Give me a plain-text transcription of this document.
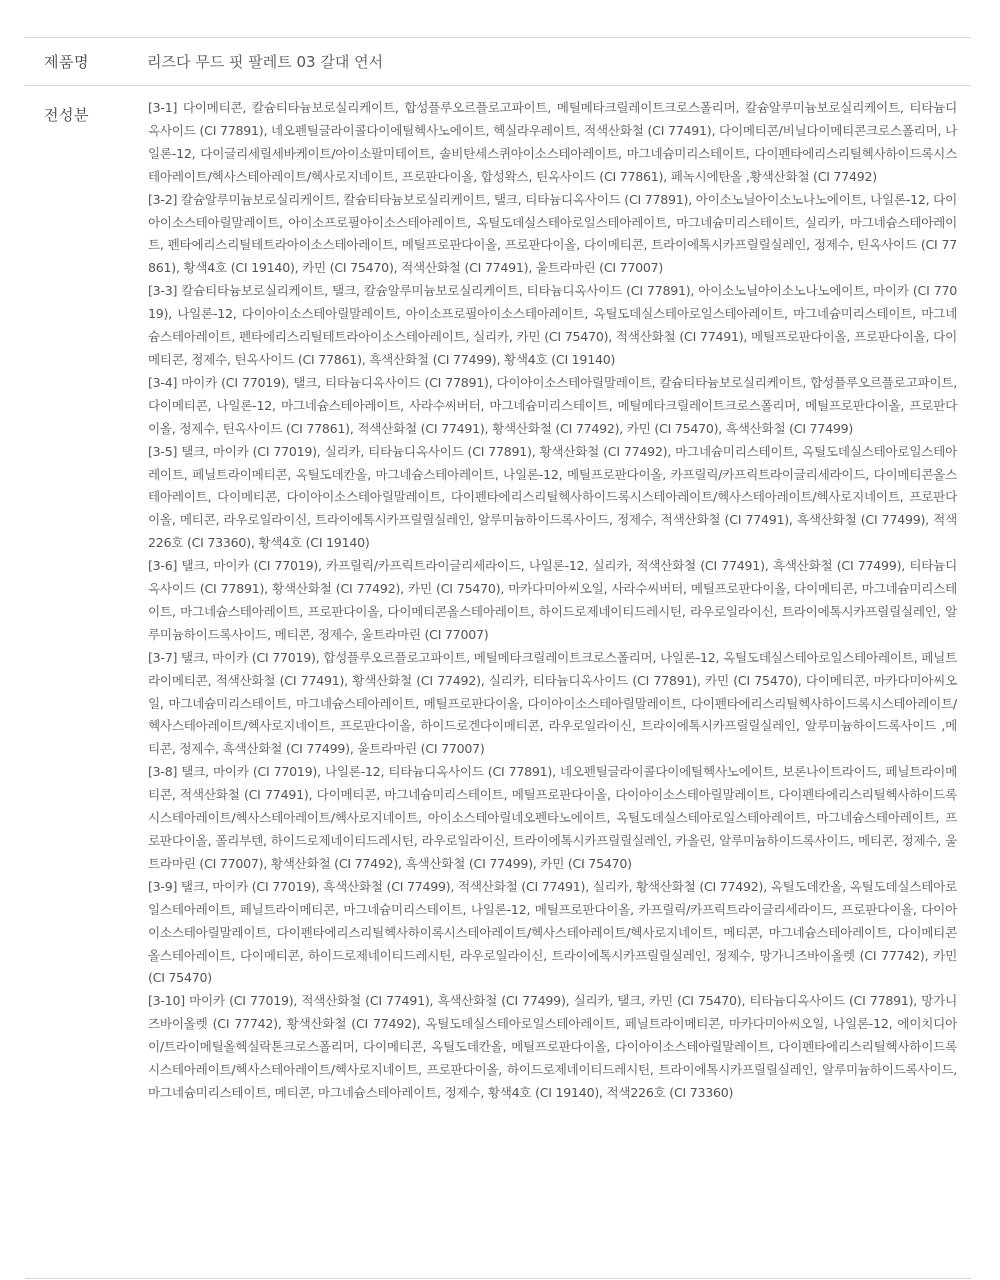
제품명	리즈다 무드 핏 팔레트 03 갈대 연서
전성분	[3-1] 다이메티콘, 칼슘티타늄보로실리케이트, 합성플루오르플로고파이트, 메틸메타크릴레이트크로스폴리머, 칼슘알루미늄보로실리케이트, 티타늄디옥사이드 (CI 77891), 네오펜틸글라이콜다이에틸헥사노에이트, 헥실라우레이트, 적색산화철 (CI 77491), 다이메티콘/비닐다이메티콘크로스폴리머, 나일론-12, 다이글리세릴세바케이트/아이소팔미테이트, 솔비탄세스퀴아이소스테아레이트, 마그네슘미리스테이트, 다이펜타에리스리틸헥사하이드록시스테아레이트/헥사스테아레이트/헥사로지네이트, 프로판다이올, 합성왁스, 틴옥사이드 (CI 77861), 페녹시에탄올 ,황색산화철 (CI 77492)
[3-2] 칼슘알루미늄보로실리케이트, 칼슘티타늄보로실리케이트, 탤크, 티타늄디옥사이드 (CI 77891), 아이소노닐아이소노나노에이트, 나일론-12, 다이아이소스테아릴말레이트, 아이소프로필아이소스테아레이트, 옥틸도데실스테아로일스테아레이트, 마그네슘미리스테이트, 실리카, 마그네슘스테아레이트, 펜타에리스리틸테트라아이소스테아레이트, 메틸프로판다이올, 프로판다이올, 다이메티콘, 트라이에톡시카프릴릴실레인, 정제수, 틴옥사이드 (CI 77861), 황색4호 (CI 19140), 카민 (CI 75470), 적색산화철 (CI 77491), 울트라마린 (CI 77007)
[3-3] 칼슘티타늄보로실리케이트, 탤크, 칼슘알루미늄보로실리케이트, 티타늄디옥사이드 (CI 77891), 아이소노닐아이소노나노에이트, 마이카 (CI 77019), 나일론-12, 다이아이소스테아릴말레이트, 아이소프로필아이소스테아레이트, 옥틸도데실스테아로일스테아레이트, 마그네슘미리스테이트, 마그네슘스테아레이트, 펜타에리스리틸테트라아이소스테아레이트, 실리카, 카민 (CI 75470), 적색산화철 (CI 77491), 메틸프로판다이올, 프로판다이올, 다이메티콘, 정제수, 틴옥사이드 (CI 77861), 흑색산화철 (CI 77499), 황색4호 (CI 19140)
[3-4] 마이카 (CI 77019), 탤크, 티타늄디옥사이드 (CI 77891), 다이아이소스테아릴말레이트, 칼슘티타늄보로실리케이트, 합성플루오르플로고파이트, 다이메티콘, 나일론-12, 마그네슘스테아레이트, 사라수씨버터, 마그네슘미리스테이트, 메틸메타크릴레이트크로스폴리머, 메틸프로판다이올, 프로판다이올, 정제수, 틴옥사이드 (CI 77861), 적색산화철 (CI 77491), 황색산화철 (CI 77492), 카민 (CI 75470), 흑색산화철 (CI 77499)
[3-5] 탤크, 마이카 (CI 77019), 실리카, 티타늄디옥사이드 (CI 77891), 황색산화철 (CI 77492), 마그네슘미리스테이트, 옥틸도데실스테아로일스테아레이트, 페닐트라이메티콘, 옥틸도데칸올, 마그네슘스테아레이트, 나일론-12, 메틸프로판다이올, 카프릴릭/카프릭트라이글리세라이드, 다이메티콘올스테아레이트, 다이메티콘, 다이아이소스테아릴말레이트, 다이펜타에리스리틸헥사하이드록시스테아레이트/헥사스테아레이트/헥사로지네이트, 프로판다이올, 메티콘, 라우로일라이신, 트라이에톡시카프릴릴실레인, 알루미늄하이드록사이드, 정제수, 적색산화철 (CI 77491), 흑색산화철 (CI 77499), 적색226호 (CI 73360), 황색4호 (CI 19140)
[3-6] 탤크, 마이카 (CI 77019), 카프릴릭/카프릭트라이글리세라이드, 나일론-12, 실리카, 적색산화철 (CI 77491), 흑색산화철 (CI 77499), 티타늄디옥사이드 (CI 77891), 황색산화철 (CI 77492), 카민 (CI 75470), 마카다미아씨오일, 사라수씨버터, 메틸프로판다이올, 다이메티콘, 마그네슘미리스테이트, 마그네슘스테아레이트, 프로판다이올, 다이메티콘올스테아레이트, 하이드로제네이티드레시틴, 라우로일라이신, 트라이에톡시카프릴릴실레인, 알루미늄하이드록사이드, 메티콘, 정제수, 울트라마린 (CI 77007)
[3-7] 탤크, 마이카 (CI 77019), 합성플루오르플로고파이트, 메틸메타크릴레이트크로스폴리머, 나일론-12, 옥틸도데실스테아로일스테아레이트, 페닐트라이메티콘, 적색산화철 (CI 77491), 황색산화철 (CI 77492), 실리카, 티타늄디옥사이드 (CI 77891), 카민 (CI 75470), 다이메티콘, 마카다미아씨오일, 마그네슘미리스테이트, 마그네슘스테아레이트, 메틸프로판다이올, 다이아이소스테아릴말레이트, 다이펜타에리스리틸헥사하이드록시스테아레이트/헥사스테아레이트/헥사로지네이트, 프로판다이올, 하이드로겐다이메티콘, 라우로일라이신, 트라이에톡시카프릴릴실레인, 알루미늄하이드록사이드 ,메티콘, 정제수, 흑색산화철 (CI 77499), 울트라마린 (CI 77007)
[3-8] 탤크, 마이카 (CI 77019), 나일론-12, 티타늄디옥사이드 (CI 77891), 네오펜틸글라이콜다이에틸헥사노에이트, 보론나이트라이드, 페닐트라이메티콘, 적색산화철 (CI 77491), 다이메티콘, 마그네슘미리스테이트, 메틸프로판다이올, 다이아이소스테아릴말레이트, 다이펜타에리스리틸헥사하이드록시스테아레이트/헥사스테아레이트/헥사로지네이트, 아이소스테아릴네오펜타노에이트, 옥틸도데실스테아로일스테아레이트, 마그네슘스테아레이트, 프로판다이올, 폴리부텐, 하이드로제네이티드레시틴, 라우로일라이신, 트라이에톡시카프릴릴실레인, 카올린, 알루미늄하이드록사이드, 메티콘, 정제수, 울트라마린 (CI 77007), 황색산화철 (CI 77492), 흑색산화철 (CI 77499), 카민 (CI 75470)
[3-9] 탤크, 마이카 (CI 77019), 흑색산화철 (CI 77499), 적색산화철 (CI 77491), 실리카, 황색산화철 (CI 77492), 옥틸도데칸올, 옥틸도데실스테아로일스테아레이트, 페닐트라이메티콘, 마그네슘미리스테이트, 나일론-12, 메틸프로판다이올, 카프릴릭/카프릭트라이글리세라이드, 프로판다이올, 다이아이소스테아릴말레이트, 다이펜타에리스리틸헥사하이록시스테아레이트/헥사스테아레이트/헥사로지네이트, 메티콘, 마그네슘스테아레이트, 다이메티콘올스테아레이트, 다이메티콘, 하이드로제네이티드레시틴, 라우로일라이신, 트라이에톡시카프릴릴실레인, 정제수, 망가니즈바이올렛 (CI 77742), 카민 (CI 75470)
[3-10] 마이카 (CI 77019), 적색산화철 (CI 77491), 흑색산화철 (CI 77499), 실리카, 탤크, 카민 (CI 75470), 티타늄디옥사이드 (CI 77891), 망가니즈바이올렛 (CI 77742), 황색산화철 (CI 77492), 옥틸도데실스테아로일스테아레이트, 페닐트라이메티콘, 마카다미아씨오일, 나일론-12, 에이치디아이/트라이메틸올헥실락톤크로스폴리머, 다이메티콘, 옥틸도데칸올, 메틸프로판다이올, 다이아이소스테아릴말레이트, 다이펜타에리스리틸헥사하이드록시스테아레이트/헥사스테아레이트/헥사로지네이트, 프로판다이올, 하이드로제네이티드레시틴, 트라이에톡시카프릴릴실레인, 알루미늄하이드록사이드, 마그네슘미리스테이트, 메티콘, 마그네슘스테아레이트, 정제수, 황색4호 (CI 19140), 적색226호 (CI 73360)
